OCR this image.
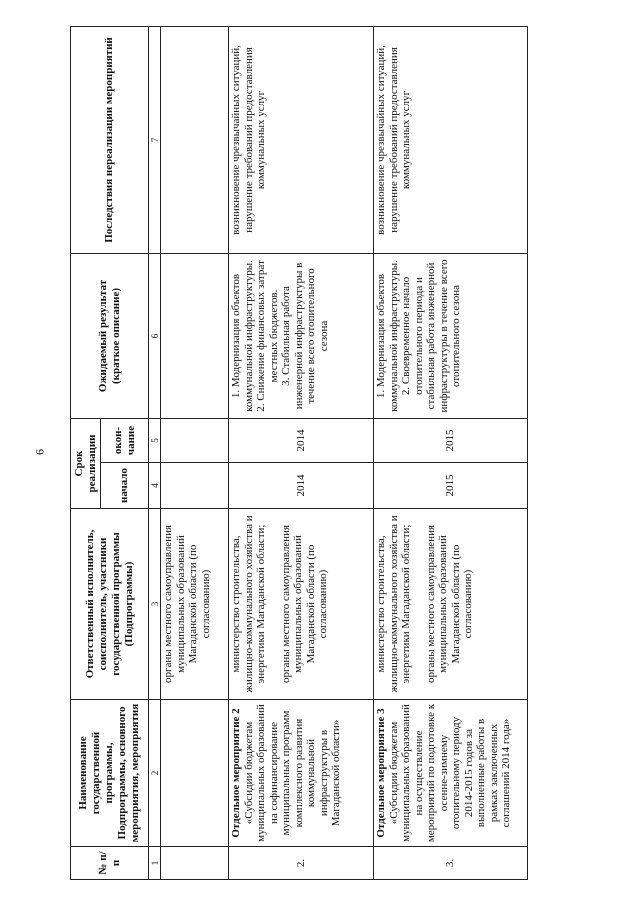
6
№ п/п	Наименование государственной программы, Подпрограммы, основного мероприятия, мероприятия	Ответственный исполнитель, соисполнитель, участники государственной программы (Подпрограммы)	Срок реализации		Ожидаемый результат (краткое описание)	Последствия нереализации мероприятий
			начало	окон-чание		
1	2	3	4	5	6	7

		органы местного самоуправления муниципальных образований Магаданской области (по согласованию)				

2.	Отдельное мероприятие 2 «Субсидии бюджетам муниципальных образований на софинансирование муниципальных программ комплексного развития коммунальной инфраструктуры в Магаданской области»	министерство строительства, жилищно-коммунального хозяйства и энергетики Магаданской области; органы местного самоуправления муниципальных образований Магаданской области (по согласованию)	2014	2014	1. Модернизация объектов коммунальной инфраструктуры. 2. Снижение финансовых затрат местных бюджетов. 3. Стабильная работа инженерной инфраструктуры в течение всего отопительного сезона	возникновение чрезвычайных ситуаций, нарушение требований предоставления коммунальных услуг
3.	Отдельное мероприятие 3 «Субсидии бюджетам муниципальных образований на осуществление мероприятий по подготовке к осенне-зимнему отопительному периоду 2014-2015 годов за выполненные работы в рамках заключенных соглашений 2014 года»	министерство строительства, жилищно-коммунального хозяйства и энергетики Магаданской области; органы местного самоуправления муниципальных образований Магаданской области (по согласованию)	2015	2015	1. Модернизация объектов коммунальной инфраструктуры. 2. Своевременное начало отопительного периода и стабильная работа инженерной инфраструктуры в течение всего отопительного сезона	возникновение чрезвычайных ситуаций, нарушение требований предоставления коммунальных услуг
